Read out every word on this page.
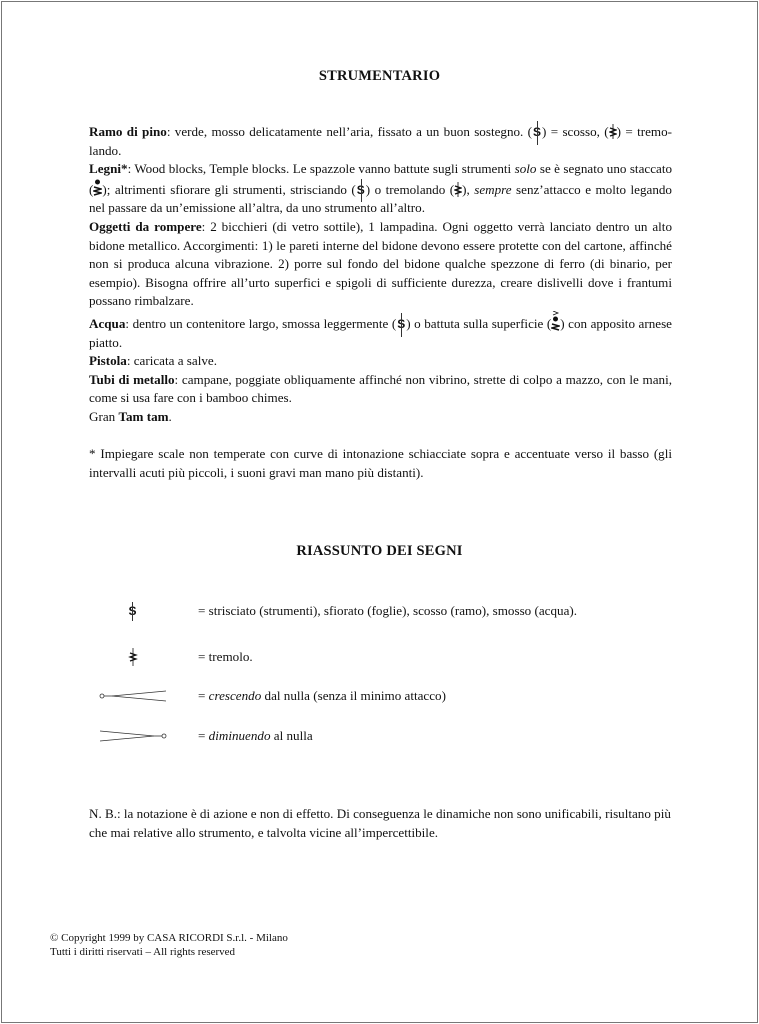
STRUMENTARIO

Ramo di pino: verde, mosso delicatamente nell’aria, fissato a un buon sostegno. (S) = scosso, ( ) = tremo-lando.

Legni*: Wood blocks, Temple blocks. Le spazzole vanno battute sugli strumenti solo se è segnato uno staccato ( ); altrimenti sfiorare gli strumenti, strisciando (S) o tremolando ( ), sempre senz’attacco e molto legando nel passare da un’emissione all’altra, da uno strumento all’altro.

Oggetti da rompere: 2 bicchieri (di vetro sottile), 1 lampadina. Ogni oggetto verrà lanciato dentro un alto bidone metallico. Accorgimenti: 1) le pareti interne del bidone devono essere protette con del cartone, affinché non si produca alcuna vibrazione. 2) porre sul fondo del bidone qualche spezzone di ferro (di binario, per esempio). Bisogna offrire all’urto superfici e spigoli di sufficiente durezza, creare dislivelli dove i frantumi possano rimbalzare.

Acqua: dentro un contenitore largo, smossa leggermente (S) o battuta sulla superficie ( ) con apposito arnese piatto.

Pistola: caricata a salve.

Tubi di metallo: campane, poggiate obliquamente affinché non vibrino, strette di colpo a mazzo, con le mani, come si usa fare con i bamboo chimes.

Gran Tam tam.

* Impiegare scale non temperate con curve di intonazione schiacciate sopra e accentuate verso il basso (gli intervalli acuti più piccoli, i suoni gravi man mano più distanti).

RIASSUNTO DEI SEGNI
S	= strisciato (strumenti), sfiorato (foglie), scosso (ramo), smosso (acqua).
= tremolo.
= crescendo dal nulla (senza il minimo attacco)
= diminuendo al nulla

N. B.: la notazione è di azione e non di effetto. Di conseguenza le dinamiche non sono unificabili, risultano più che mai relative allo strumento, e talvolta vicine all’impercettibile.

© Copyright 1999 by CASA RICORDI S.r.l. - Milano
Tutti i diritti riservati – All rights reserved
